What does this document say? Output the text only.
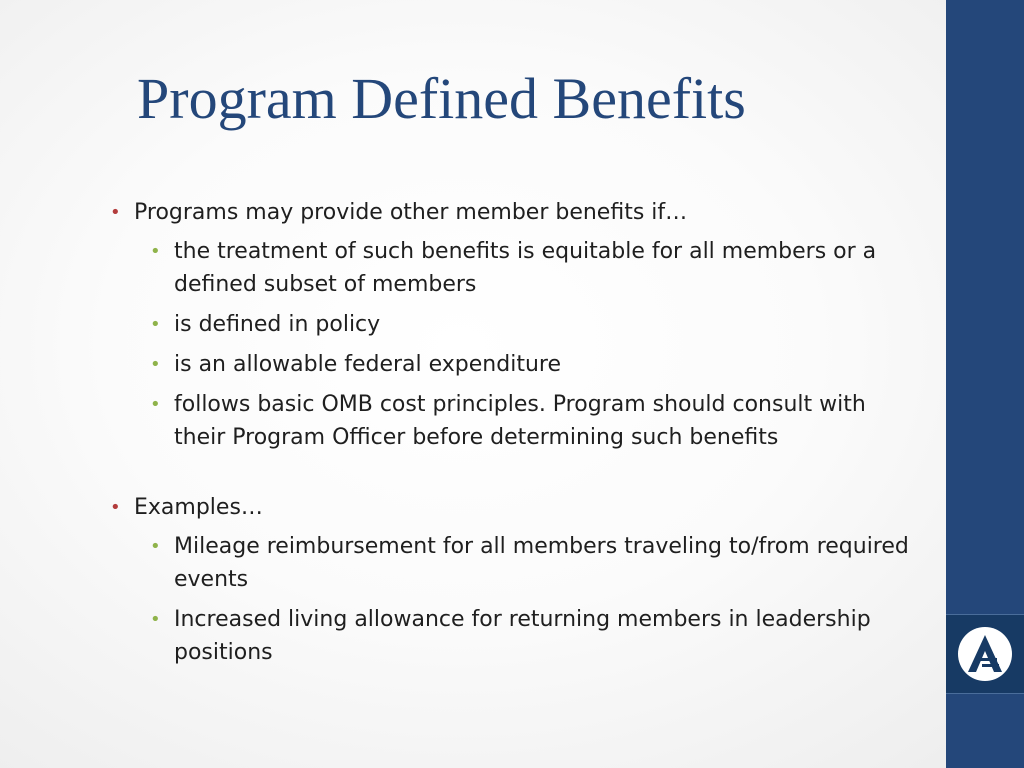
Program Defined Benefits
• Programs may provide other member benefits if…
• the treatment of such benefits is equitable for all members or a defined subset of members
• is defined in policy
• is an allowable federal expenditure
• follows basic OMB cost principles. Program should consult with their Program Officer before determining such benefits
• Examples…
• Mileage reimbursement for all members traveling to/from required events
• Increased living allowance for returning members in leadership positions
